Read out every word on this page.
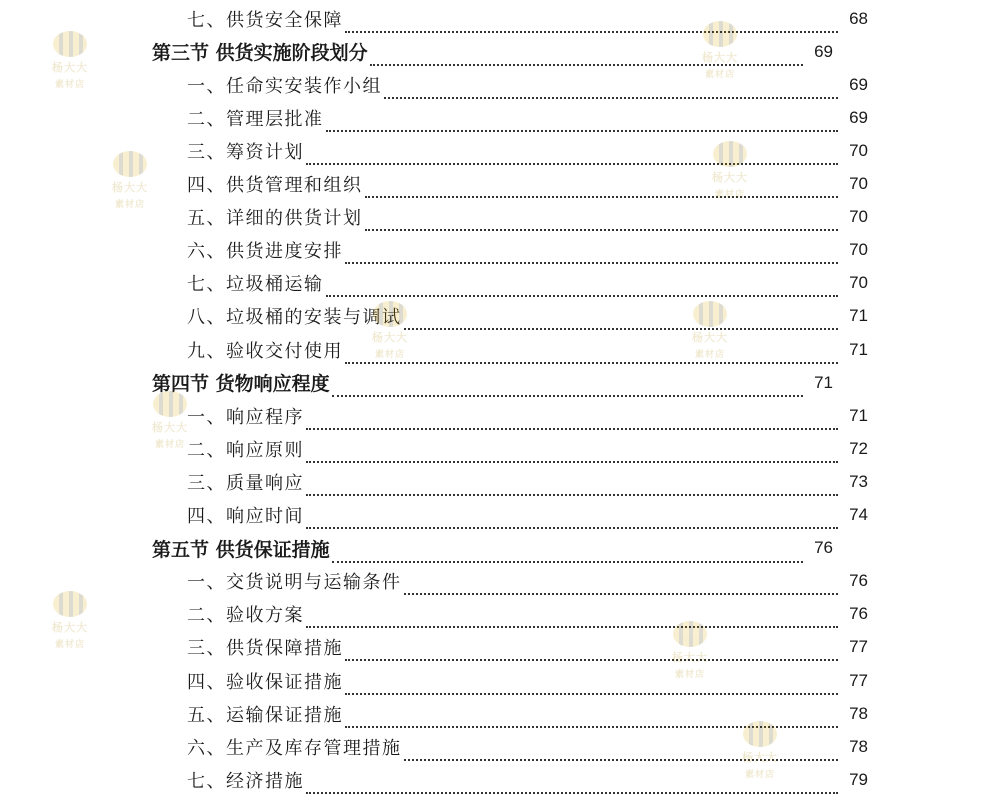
七、供货安全保障	68
第三节 供货实施阶段划分	69
一、任命实安装作小组	69
二、管理层批准	69
三、筹资计划	70
四、供货管理和组织	70
五、详细的供货计划	70
六、供货进度安排	70
七、垃圾桶运输	70
八、垃圾桶的安装与调试	71
九、验收交付使用	71
第四节 货物响应程度	71
一、响应程序	71
二、响应原则	72
三、质量响应	73
四、响应时间	74
第五节 供货保证措施	76
一、交货说明与运输条件	76
二、验收方案	76
三、供货保障措施	77
四、验收保证措施	77
五、运输保证措施	78
六、生产及库存管理措施	78
七、经济措施	79
杨大大
素材店
杨大大
素材店
杨大大
素材店
杨大大
素材店
杨大大
素材店
杨大大
素材店
杨大大
素材店
杨大大
素材店
杨大大
素材店
杨大大
素材店
